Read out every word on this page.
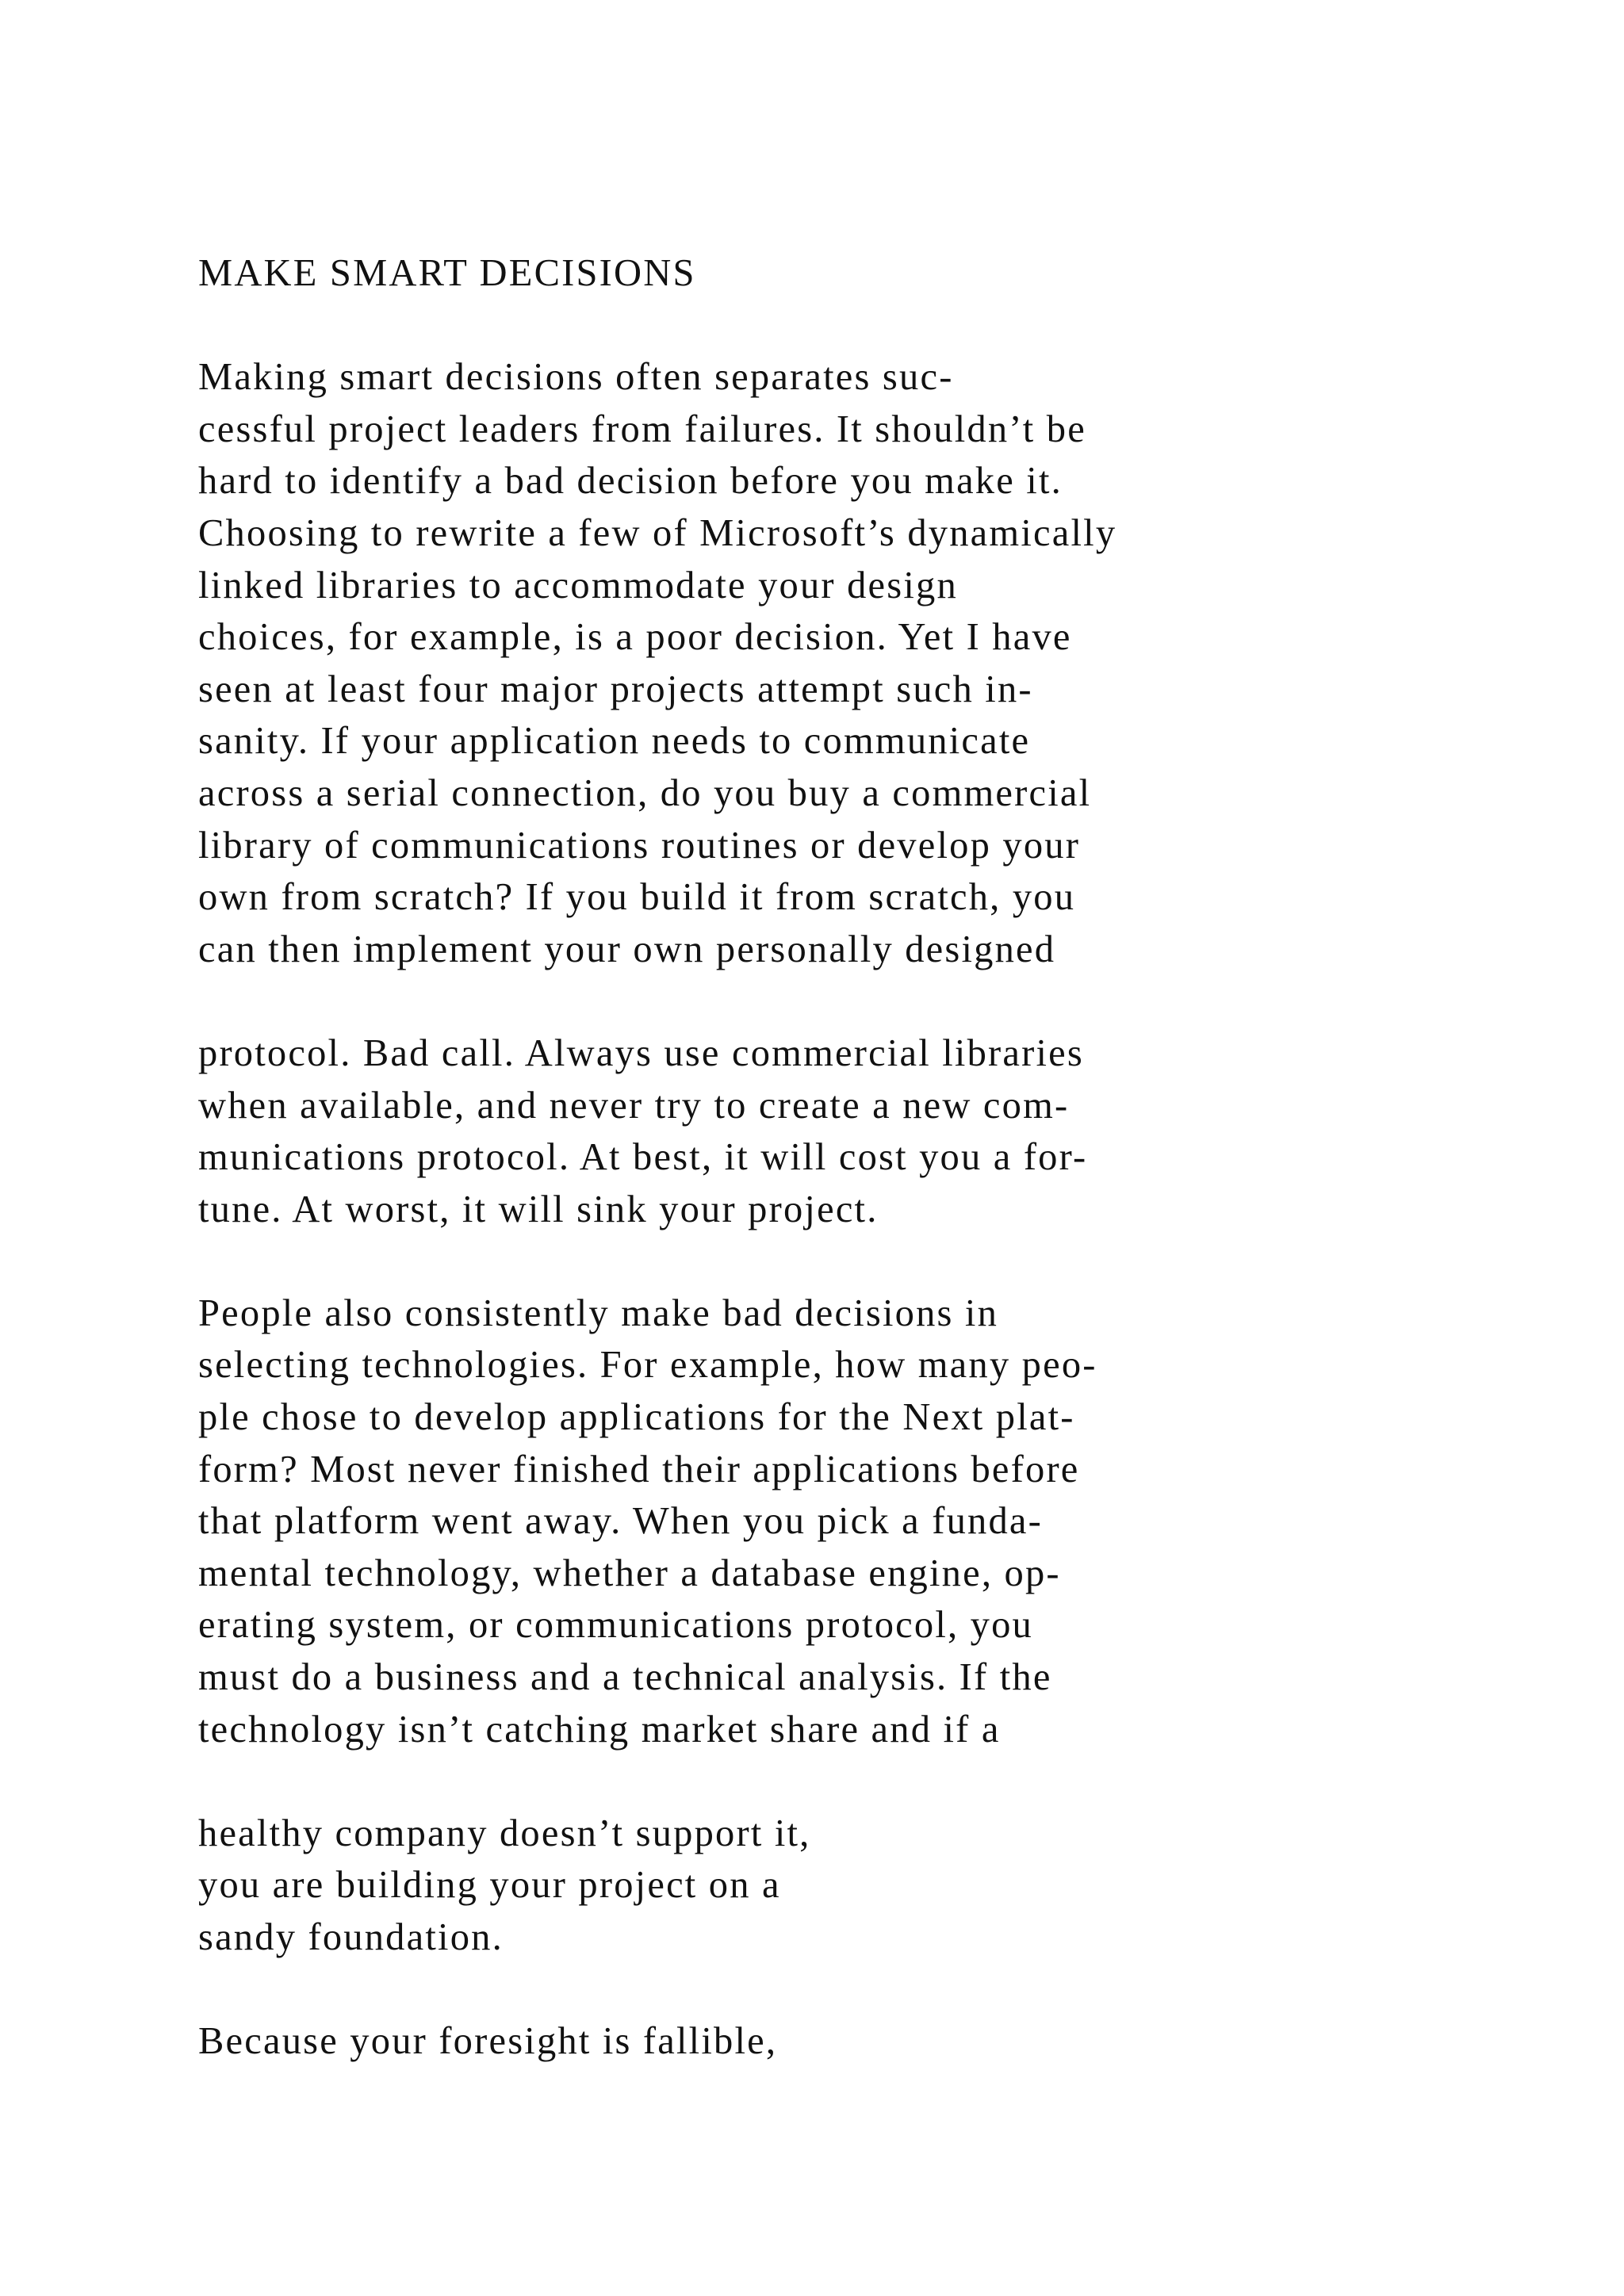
MAKE SMART DECISIONS
Making smart decisions often separates suc-
cessful project leaders from failures. It shouldn’t be
hard to identify a bad decision before you make it.
Choosing to rewrite a few of Microsoft’s dynamically
linked libraries to accommodate your design
choices, for example, is a poor decision. Yet I have
seen at least four major projects attempt such in-
sanity. If your application needs to communicate
across a serial connection, do you buy a commercial
library of communications routines or develop your
own from scratch? If you build it from scratch, you
can then implement your own personally designed
protocol. Bad call. Always use commercial libraries
when available, and never try to create a new com-
munications protocol. At best, it will cost you a for-
tune. At worst, it will sink your project.
People also consistently make bad decisions in
selecting technologies. For example, how many peo-
ple chose to develop applications for the Next plat-
form? Most never finished their applications before
that platform went away. When you pick a funda-
mental technology, whether a database engine, op-
erating system, or communications protocol, you
must do a business and a technical analysis. If the
technology isn’t catching market share and if a
healthy company doesn’t support it,
you are building your project on a
sandy foundation.
Because your foresight is fallible,
